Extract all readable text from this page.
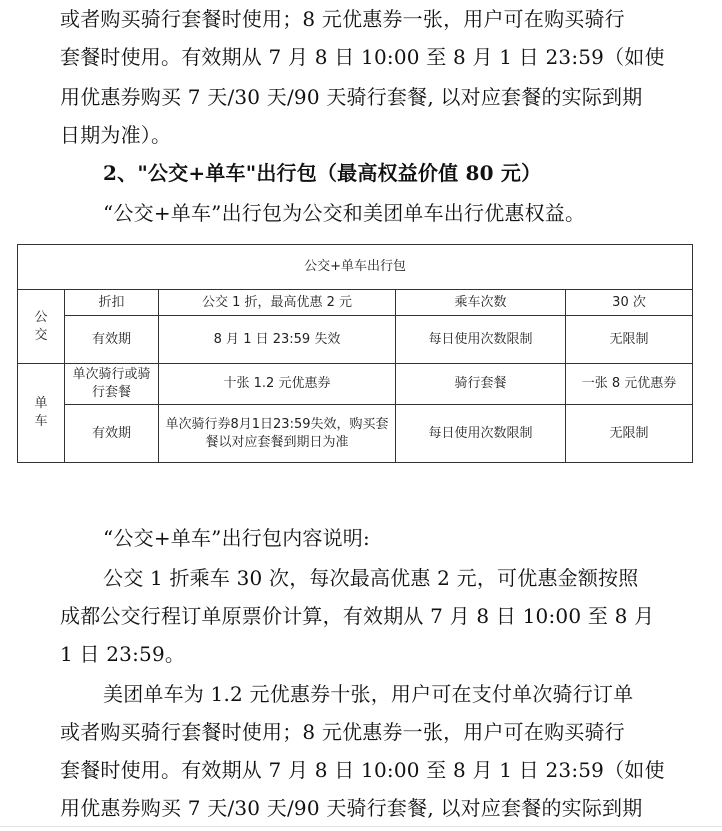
或者购买骑行套餐时使用；8 元优惠券一张，用户可在购买骑行
套餐时使用。有效期从 7 月 8 日 10:00 至 8 月 1 日 23:59（如使
用优惠券购买 7 天/30 天/90 天骑行套餐, 以对应套餐的实际到期
日期为准）。
2、"公交+单车"出行包（最高权益价值 80 元）
“公交+单车”出行包为公交和美团单车出行优惠权益。
公交+单车出行包				
公
交	折扣	公交 1 折，最高优惠 2 元	乘车次数	30 次
	有效期	8 月 1 日 23:59 失效	每日使用次数限制	无限制
单
车	单次骑行或骑行套餐	十张 1.2 元优惠券	骑行套餐	一张 8 元优惠券
	有效期	单次骑行券8月1日23:59失效，购买套餐以对应套餐到期日为准	每日使用次数限制	无限制
“公交+单车”出行包内容说明:
公交 1 折乘车 30 次，每次最高优惠 2 元，可优惠金额按照
成都公交行程订单原票价计算，有效期从 7 月 8 日 10:00 至 8 月
1 日 23:59。
美团单车为 1.2 元优惠券十张，用户可在支付单次骑行订单
或者购买骑行套餐时使用；8 元优惠券一张，用户可在购买骑行
套餐时使用。有效期从 7 月 8 日 10:00 至 8 月 1 日 23:59（如使
用优惠券购买 7 天/30 天/90 天骑行套餐, 以对应套餐的实际到期
